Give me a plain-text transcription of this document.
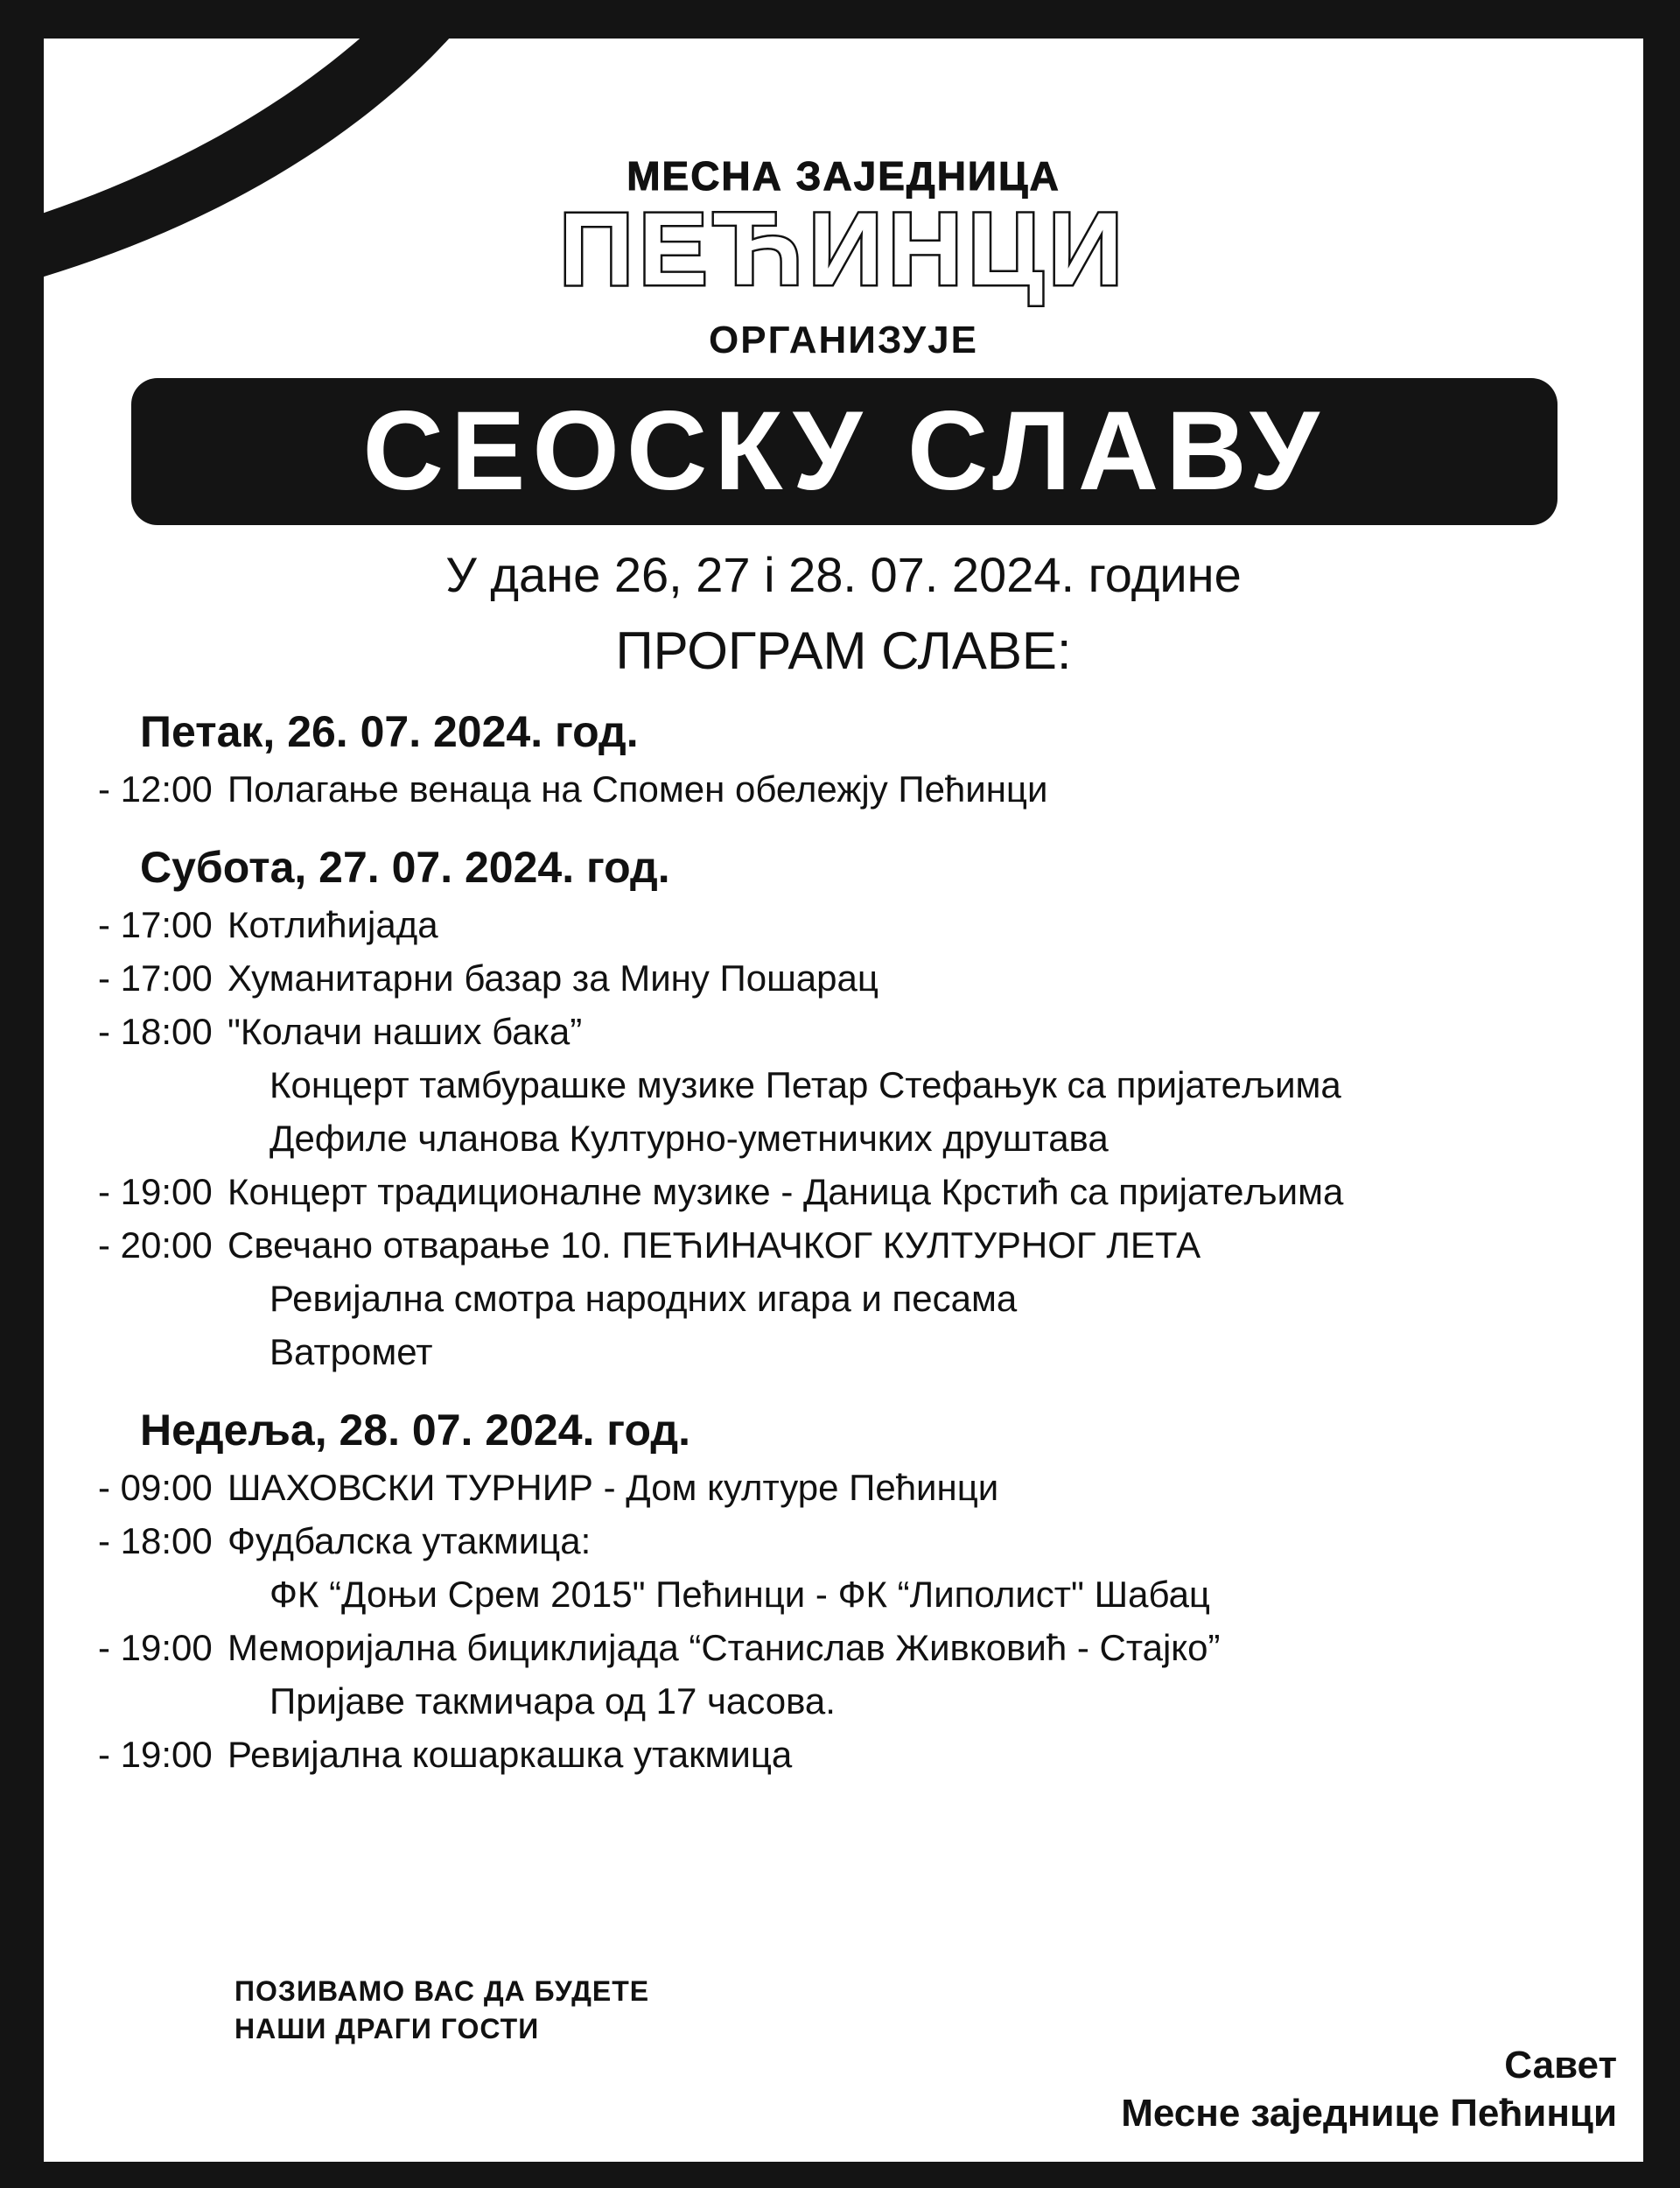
МЕСНА ЗАЈЕДНИЦА
ПЕЋИНЦИ
ОРГАНИЗУЈЕ
СЕОСКУ СЛАВУ
У дане 26, 27 i 28. 07. 2024. године
ПРОГРАМ СЛАВЕ:
Петак, 26. 07. 2024. год.
- 12:00 Полагање венаца на Спомен обележју Пећинци
Субота, 27. 07. 2024. год.
- 17:00 Котлићијада
- 17:00 Хуманитарни базар за Мину Пошарац
- 18:00 "Колачи наших бака”
Концерт тамбурашке музике Петар Стефањук са пријатељима
Дефиле чланова Културно-уметничких друштава
- 19:00 Концерт традиционалне музике - Даница Крстић са пријатељима
- 20:00 Свечано отварање 10. ПЕЋИНАЧКОГ КУЛТУРНОГ ЛЕТА
Ревијална смотра народних игара и песама
Ватромет
Недеља, 28. 07. 2024. год.
- 09:00 ШАХОВСКИ ТУРНИР - Дом културе Пећинци
- 18:00 Фудбалска утакмица:
ФК “Доњи Срем 2015" Пећинци - ФК “Липолист" Шабац
- 19:00 Меморијална бициклијада “Станислав Живковић - Стајко”
Пријаве такмичара од 17 часова.
- 19:00 Ревијална кошаркашка утакмица
ПОЗИВАМО ВАС ДА БУДЕТЕ
НАШИ ДРАГИ ГОСТИ
Савет
Месне заједнице Пећинци
